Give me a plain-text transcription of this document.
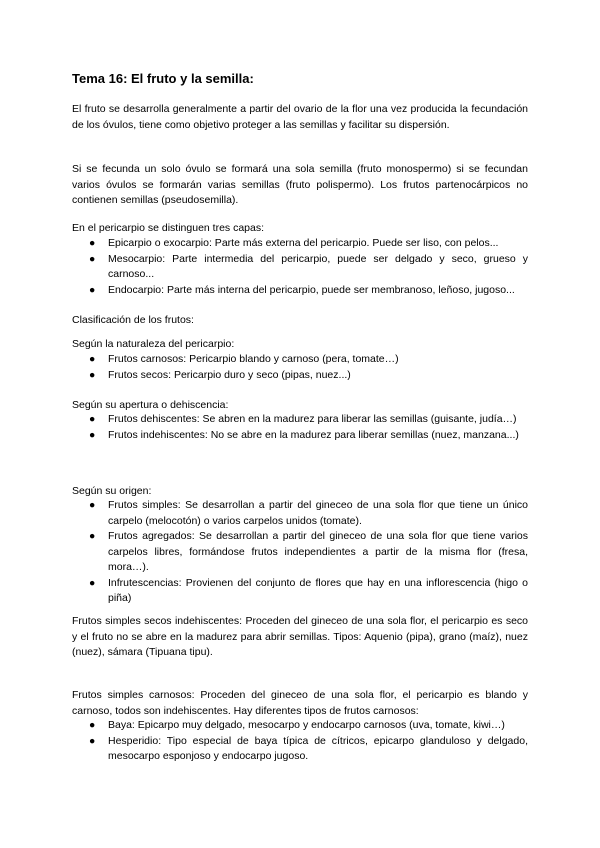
Tema 16: El fruto y la semilla:

El fruto se desarrolla generalmente a partir del ovario de la flor una vez producida la fecundación de los óvulos, tiene como objetivo proteger a las semillas y facilitar su dispersión.

Si se fecunda un solo óvulo se formará una sola semilla (fruto monospermo) si se fecundan varios óvulos se formarán varias semillas (fruto polispermo). Los frutos partenocárpicos no contienen semillas (pseudosemilla).

En el pericarpio se distinguen tres capas:

●	Epicarpio o exocarpio: Parte más externa del pericarpio. Puede ser liso, con pelos...
●	Mesocarpio: Parte intermedia del pericarpio, puede ser delgado y seco, grueso y carnoso...
●	Endocarpio: Parte más interna del pericarpio, puede ser membranoso, leñoso, jugoso...

Clasificación de los frutos:

Según la naturaleza del pericarpio:

●	Frutos carnosos: Pericarpio blando y carnoso (pera, tomate…)
●	Frutos secos: Pericarpio duro y seco (pipas, nuez...)

Según su apertura o dehiscencia:

●	Frutos dehiscentes: Se abren en la madurez para liberar las semillas (guisante, judía…)
●	Frutos indehiscentes: No se abre en la madurez para liberar semillas (nuez, manzana...)

Según su origen:

●	Frutos simples: Se desarrollan a partir del gineceo de una sola flor que tiene un único carpelo (melocotón) o varios carpelos unidos (tomate).
●	Frutos agregados: Se desarrollan a partir del gineceo de una sola flor que tiene varios carpelos libres, formándose frutos independientes a partir de la misma flor (fresa, mora…).
●	Infrutescencias: Provienen del conjunto de flores que hay en una inflorescencia (higo o piña)

Frutos simples secos indehiscentes: Proceden del gineceo de una sola flor, el pericarpio es seco y el fruto no se abre en la madurez para abrir semillas. Tipos: Aquenio (pipa), grano (maíz), nuez (nuez), sámara (Tipuana tipu).

Frutos simples carnosos: Proceden del gineceo de una sola flor, el pericarpio es blando y carnoso, todos son indehiscentes. Hay diferentes tipos de frutos carnosos:

●	Baya: Epicarpo muy delgado, mesocarpo y endocarpo carnosos (uva, tomate, kiwi…)
●	Hesperidio: Tipo especial de baya típica de cítricos, epicarpo glanduloso y delgado, mesocarpo esponjoso y endocarpo jugoso.
